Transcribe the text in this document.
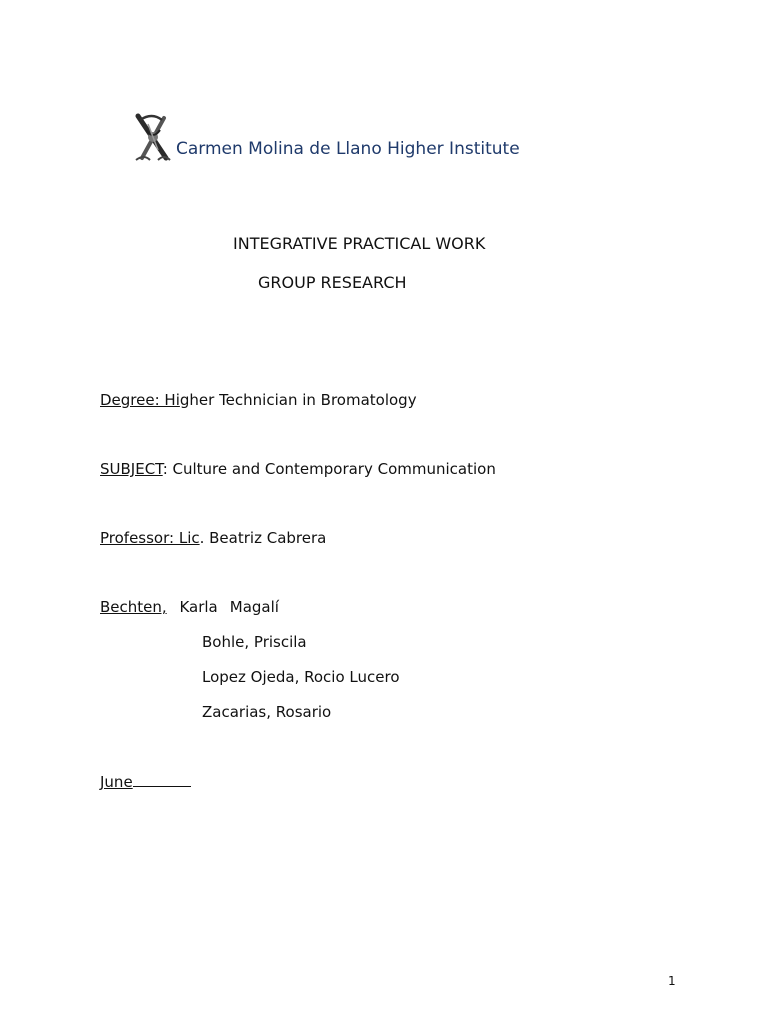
Carmen Molina de Llano Higher Institute
INTEGRATIVE PRACTICAL WORK
GROUP RESEARCH
Degree: Higher Technician in Bromatology
SUBJECT: Culture and Contemporary Communication
Professor: Lic. Beatriz Cabrera
Bechten, Karla Magalí
Bohle, Priscila
Lopez Ojeda, Rocio Lucero
Zacarias, Rosario
June
1
